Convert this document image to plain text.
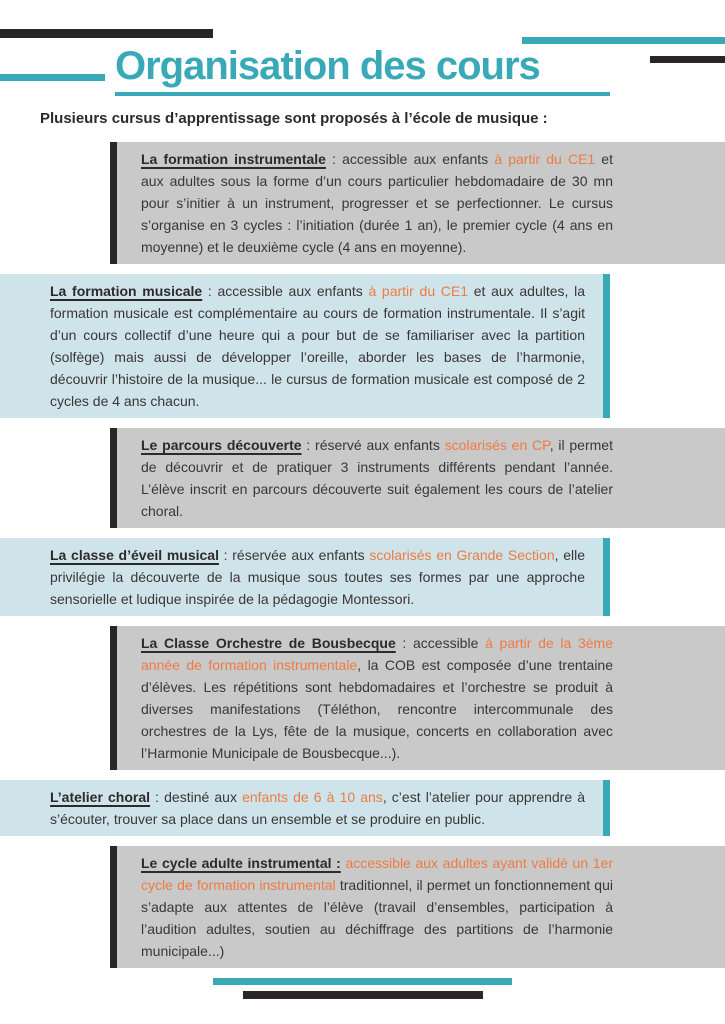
Organisation des cours

Plusieurs cursus d’apprentissage sont proposés à l’école de musique :

La formation instrumentale : accessible aux enfants à partir du CE1 et aux adultes sous la forme d’un cours particulier hebdomadaire de 30 mn pour s’initier à un instrument, progresser et se perfectionner. Le cursus s’organise en 3 cycles : l’initiation (durée 1 an), le premier cycle (4 ans en moyenne) et le deuxième cycle (4 ans en moyenne).

La formation musicale : accessible aux enfants à partir du CE1 et aux adultes, la formation musicale est complémentaire au cours de formation instrumentale. Il s’agit d’un cours collectif d’une heure qui a pour but de se familiariser avec la partition (solfège) mais aussi de développer l’oreille, aborder les bases de l’harmonie, découvrir l’histoire de la musique... le cursus de formation musicale est composé de 2 cycles de 4 ans chacun.

Le parcours découverte : réservé aux enfants scolarisés en CP, il permet de découvrir et de pratiquer 3 instruments différents pendant l’année. L’élève inscrit en parcours découverte suit également les cours de l’atelier choral.

La classe d’éveil musical : réservée aux enfants scolarisés en Grande Section, elle privilégie la découverte de la musique sous toutes ses formes par une approche sensorielle et ludique inspirée de la pédagogie Montessori.

La Classe Orchestre de Bousbecque : accessible à partir de la 3ème année de formation instrumentale, la COB est composée d’une trentaine d’élèves. Les répétitions sont hebdomadaires et l’orchestre se produit à diverses manifestations (Téléthon, rencontre intercommunale des orchestres de la Lys, fête de la musique, concerts en collaboration avec l’Harmonie Municipale de Bousbecque...).

L’atelier choral : destiné aux enfants de 6 à 10 ans, c’est l’atelier pour apprendre à s’écouter, trouver sa place dans un ensemble et se produire en public.

Le cycle adulte instrumental : accessible aux adultes ayant validé un 1er cycle de formation instrumental traditionnel, il permet un fonctionnement qui s’adapte aux attentes de l’élève (travail d’ensembles, participation à l’audition adultes, soutien au déchiffrage des partitions de l’harmonie municipale...)
